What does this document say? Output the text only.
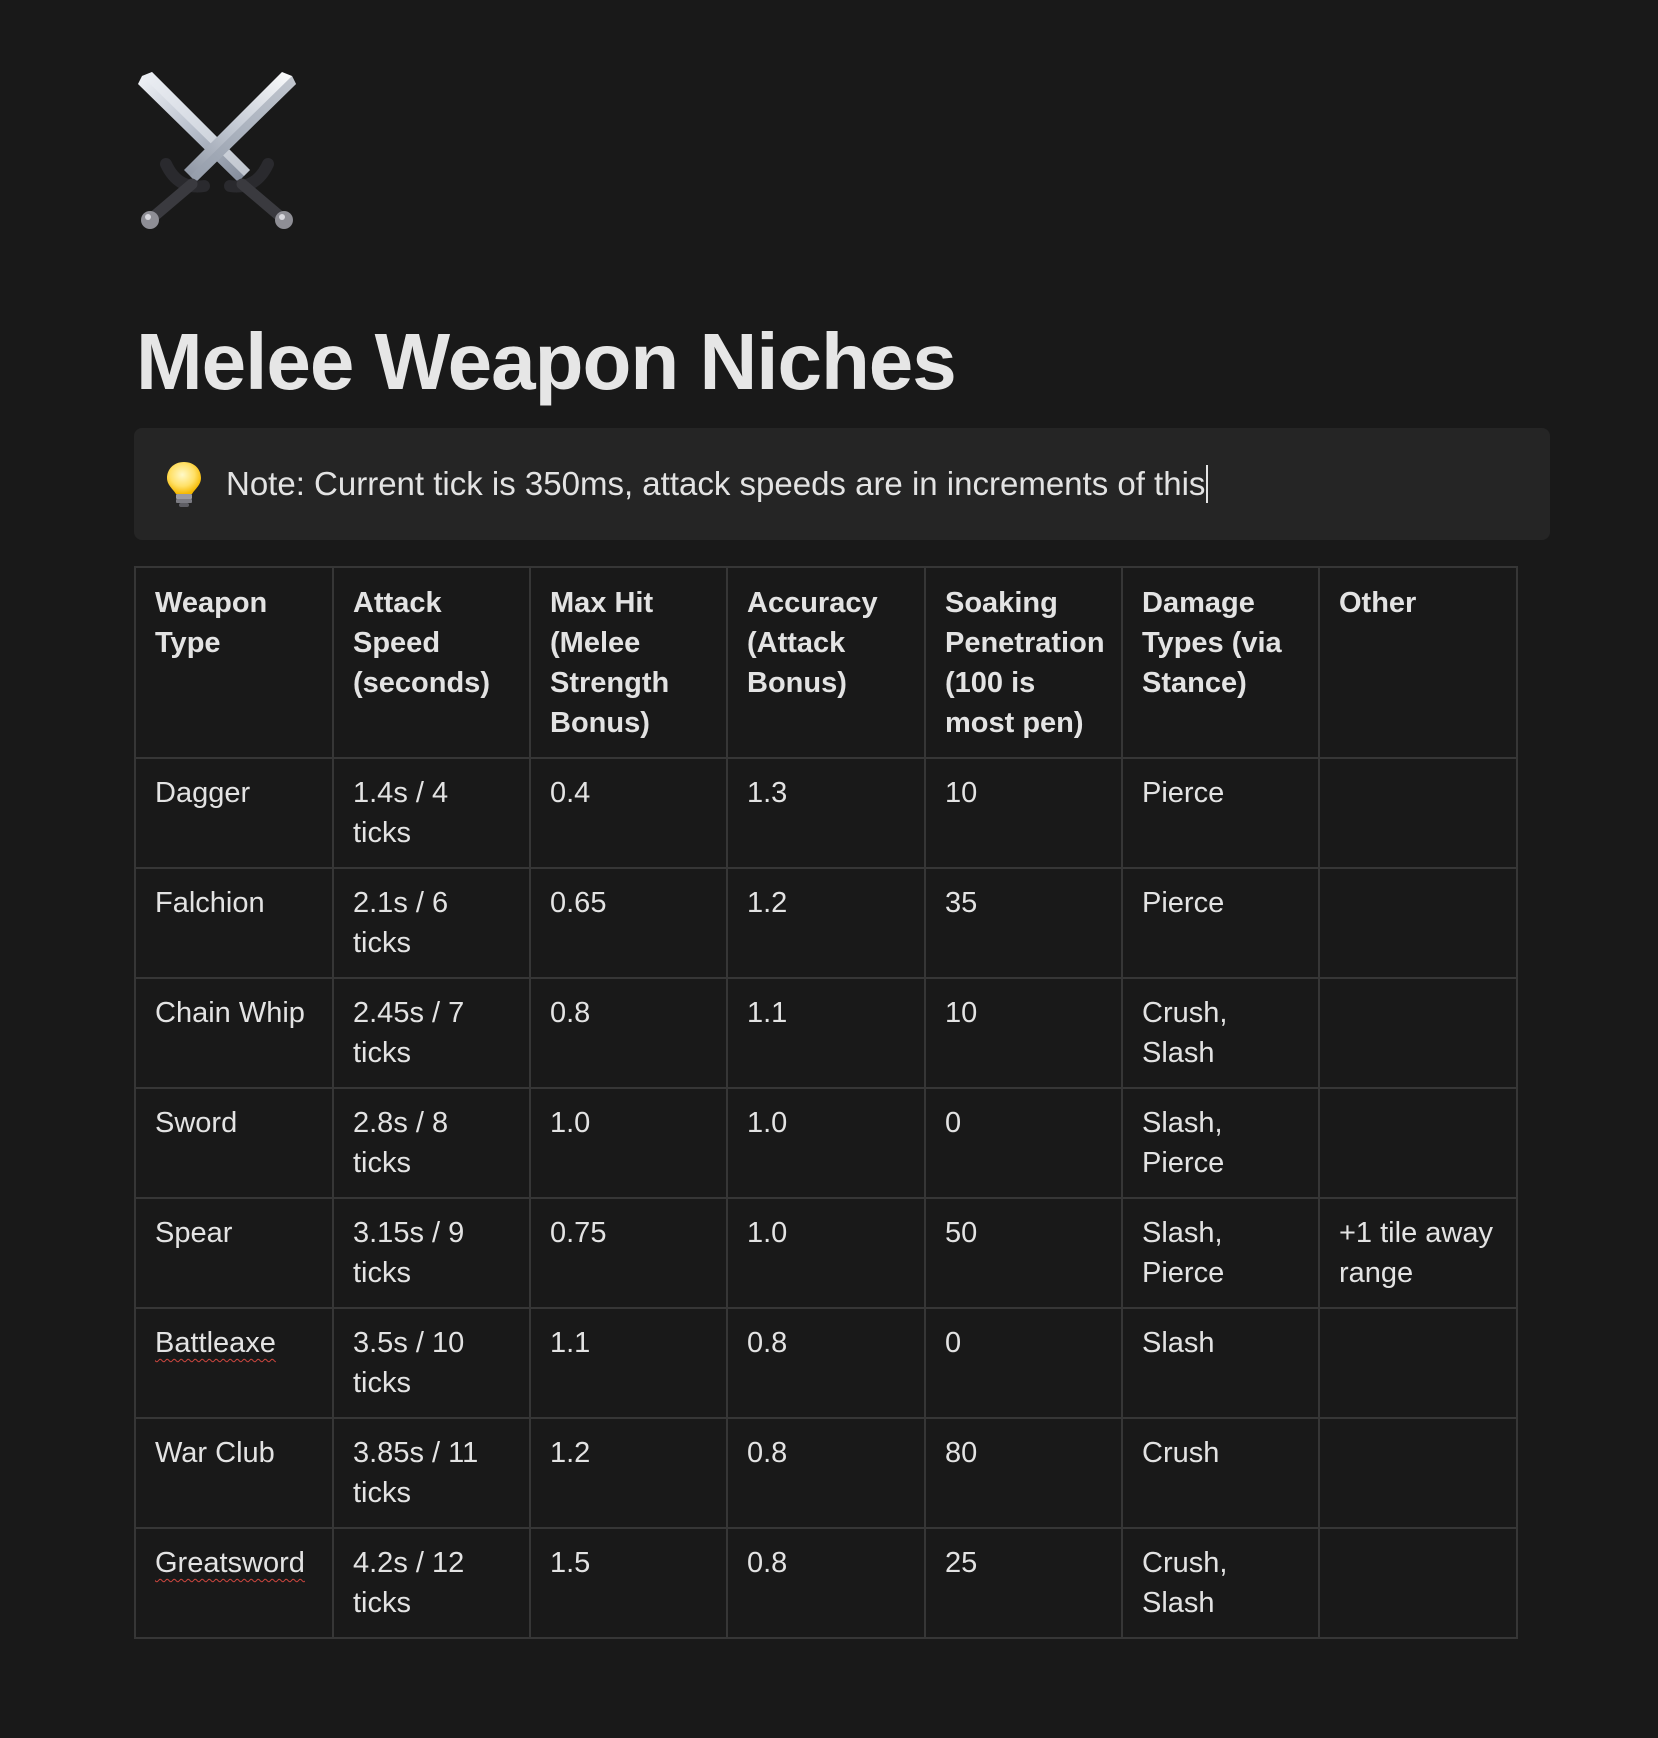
Melee Weapon Niches
Note: Current tick is 350ms, attack speeds are in increments of this
Weapon Type	Attack Speed (seconds)	Max Hit (Melee Strength Bonus)	Accuracy (Attack Bonus)	Soaking Penetration (100 is most pen)	Damage Types (via Stance)	Other
Dagger	1.4s / 4 ticks	0.4	1.3	10	Pierce	
Falchion	2.1s / 6 ticks	0.65	1.2	35	Pierce	
Chain Whip	2.45s / 7 ticks	0.8	1.1	10	Crush, Slash	
Sword	2.8s / 8 ticks	1.0	1.0	0	Slash, Pierce	
Spear	3.15s / 9 ticks	0.75	1.0	50	Slash, Pierce	+1 tile away range
Battleaxe	3.5s / 10 ticks	1.1	0.8	0	Slash	
War Club	3.85s / 11 ticks	1.2	0.8	80	Crush	
Greatsword	4.2s / 12 ticks	1.5	0.8	25	Crush, Slash	
